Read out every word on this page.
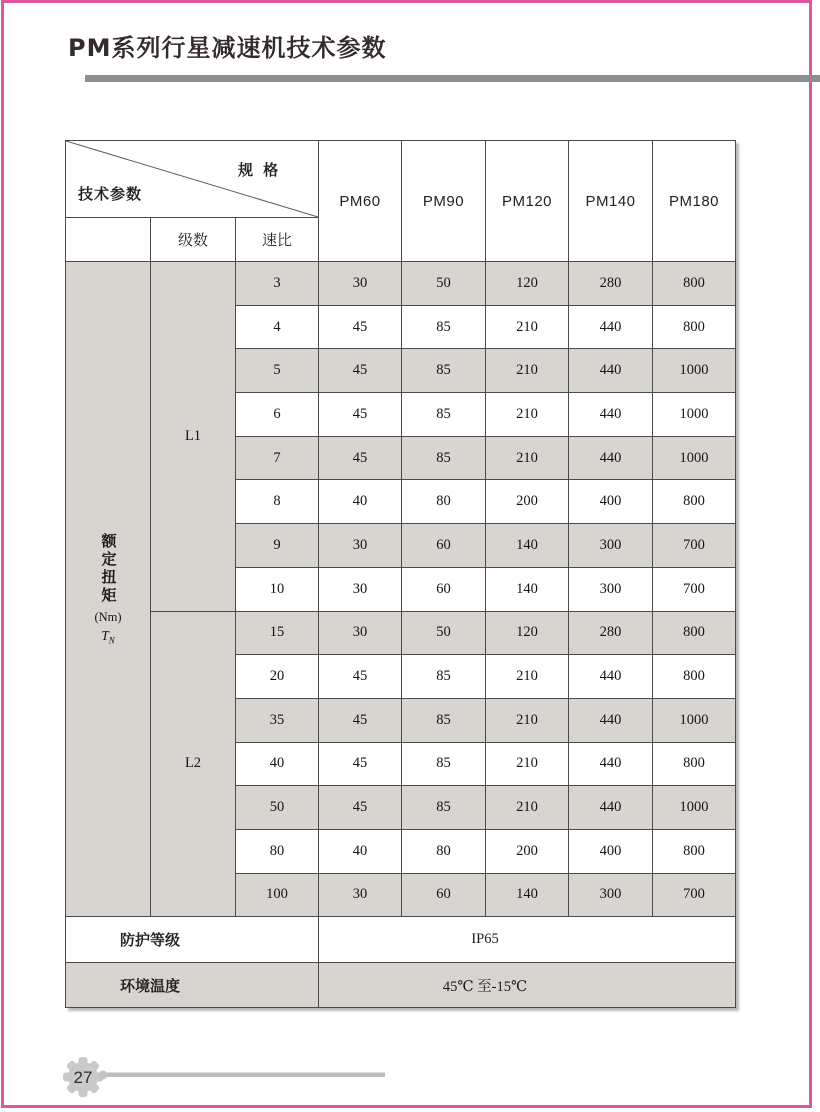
PM系列行星减速机技术参数
规 格
技术参数			PM60	PM90	PM120	PM140	PM180
	级数	速比					

额定扭矩
(Nm)
$T_N$	L1	3	30	50	120	280	800
		4	45	85	210	440	800
		5	45	85	210	440	1000
		6	45	85	210	440	1000
		7	45	85	210	440	1000
		8	40	80	200	400	800
		9	30	60	140	300	700
		10	30	60	140	300	700
	L2	15	30	50	120	280	800
		20	45	85	210	440	800
		35	45	85	210	440	1000
		40	45	85	210	440	800
		50	45	85	210	440	1000
		80	40	80	200	400	800
		100	30	60	140	300	700
防护等级			IP65				
环境温度			45℃ 至-15℃				
27
